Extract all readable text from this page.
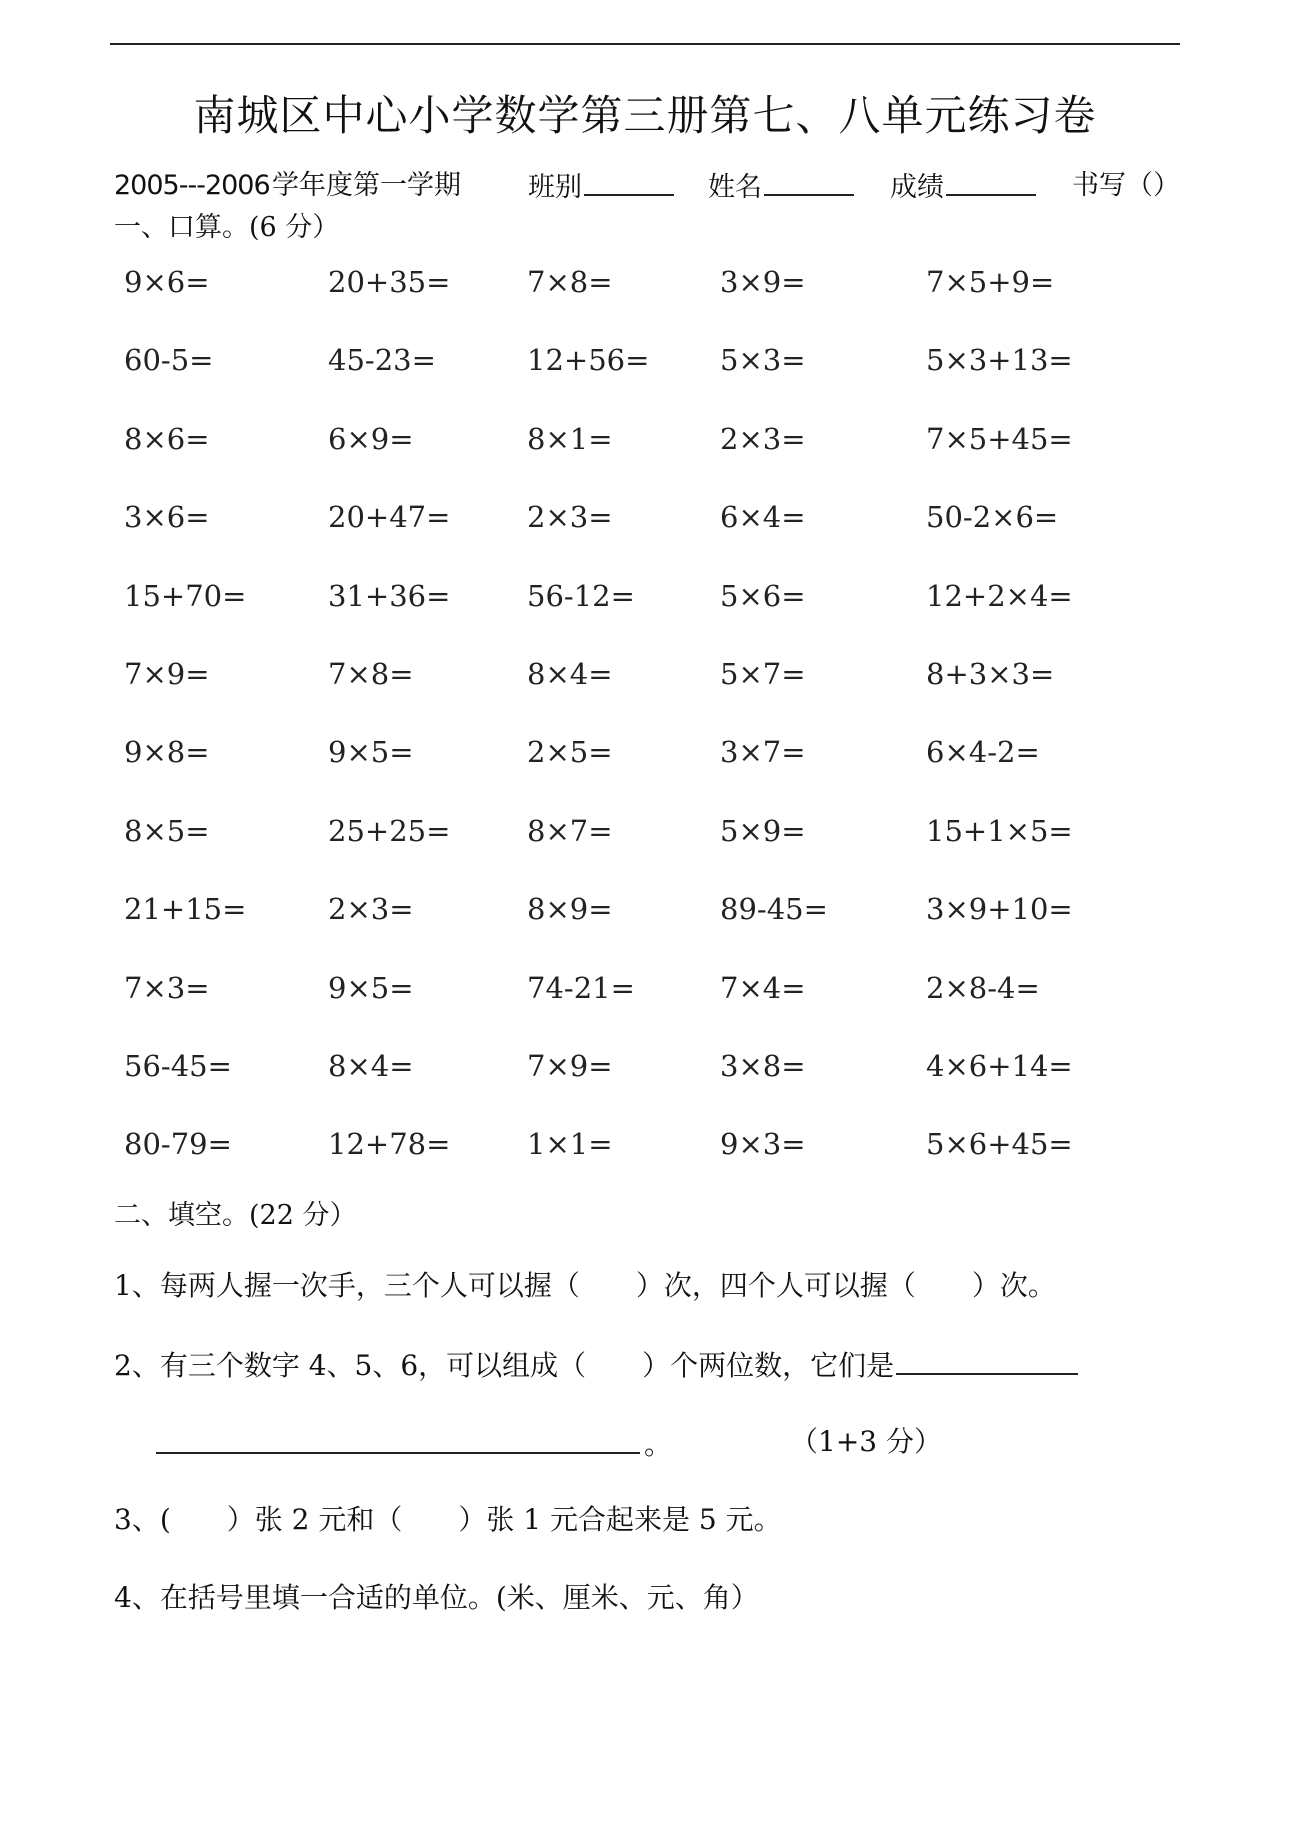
南城区中心小学数学第三册第七、八单元练习卷
2005---2006 学年度第一学期 班别	姓名	成绩	书写（）
一、口算。(6 分）
9×6=	20+35=	7×8=	3×9=	7×5+9=
60-5=	45-23=	12+56= 5×3=	5×3+13=
8×6=	6×9=	8×1=	2×3=	7×5+45=
3×6=	20+47=	2×3=	6×4=	50-2×6=
15+70=	31+36=	56-12=	5×6=	12+2×4=
7×9=	7×8=	8×4=	5×7=	8+3×3=
9×8=	9×5=	2×5=	3×7=	6×4-2=
8×5=	25+25=	8×7=	5×9=	15+1×5=
21+15=	2×3=	8×9=	89-45=	3×9+10=
7×3=	9×5=	74-21=	7×4=	2×8-4=
56-45=	8×4=	7×9=	3×8=	4×6+14=
80-79=	12+78=	1×1=	9×3=	5×6+45=
二、填空。(22 分）
1、每两人握一次手，三个人可以握（　　）次，四个人可以握（　　）次。
2、有三个数字 4、5、6，可以组成（　　）个两位数，它们是
。	（1+3 分）
3、(　　）张 2 元和（　　）张 1 元合起来是 5 元。
4、在括号里填一合适的单位。(米、厘米、元、角）
